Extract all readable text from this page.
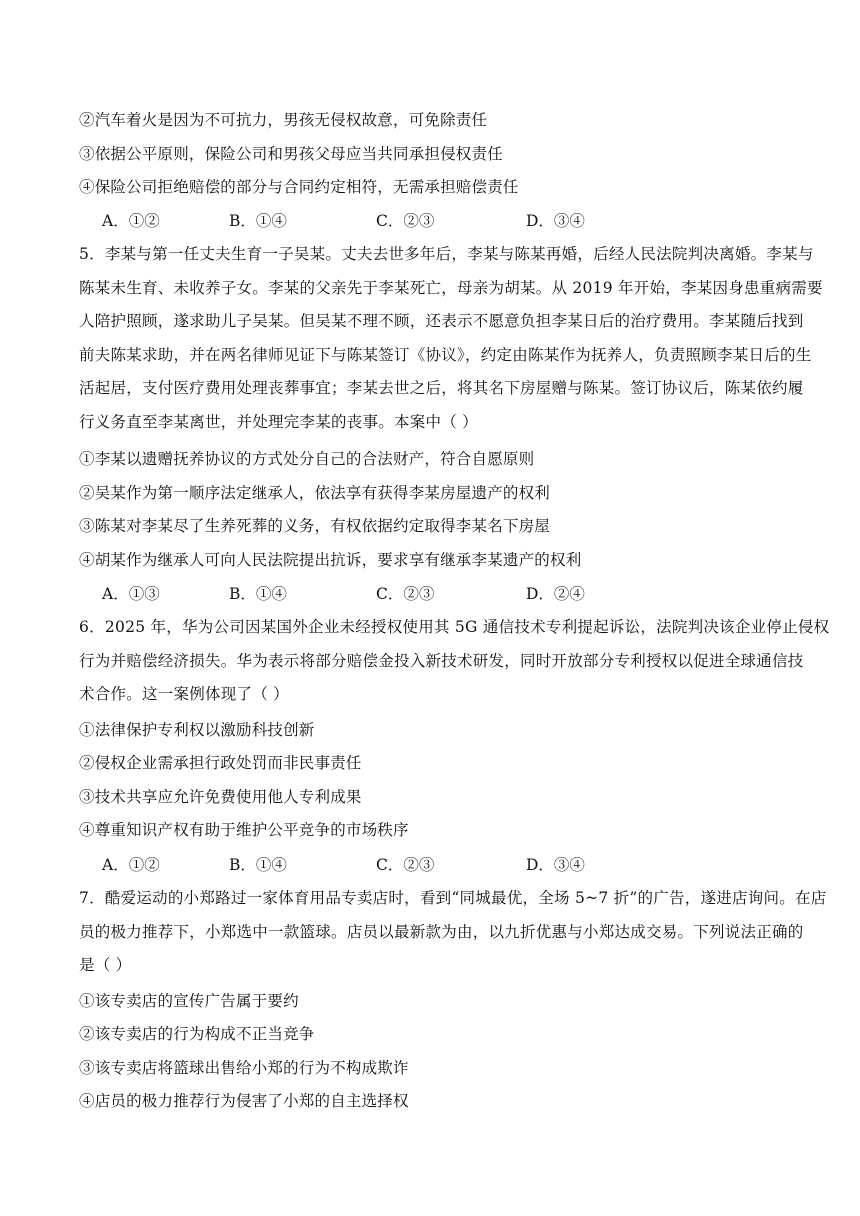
②汽车着火是因为不可抗力，男孩无侵权故意，可免除责任
③依据公平原则，保险公司和男孩父母应当共同承担侵权责任
④保险公司拒绝赔偿的部分与合同约定相符，无需承担赔偿责任
A．①②	B．①④	C．②③	D．③④
5．李某与第一任丈夫生育一子吴某。丈夫去世多年后，李某与陈某再婚，后经人民法院判决离婚。李某与
陈某未生育、未收养子女。李某的父亲先于李某死亡，母亲为胡某。从 2019 年开始，李某因身患重病需要
人陪护照顾，遂求助儿子吴某。但吴某不理不顾，还表示不愿意负担李某日后的治疗费用。李某随后找到
前夫陈某求助，并在两名律师见证下与陈某签订《协议》，约定由陈某作为抚养人，负责照顾李某日后的生
活起居，支付医疗费用处理丧葬事宜；李某去世之后，将其名下房屋赠与陈某。签订协议后，陈某依约履
行义务直至李某离世，并处理完李某的丧事。本案中（ ）
①李某以遗赠抚养协议的方式处分自己的合法财产，符合自愿原则
②吴某作为第一顺序法定继承人，依法享有获得李某房屋遗产的权利
③陈某对李某尽了生养死葬的义务，有权依据约定取得李某名下房屋
④胡某作为继承人可向人民法院提出抗诉，要求享有继承李某遗产的权利
A．①③	B．①④	C．②③	D．②④
6．2025 年，华为公司因某国外企业未经授权使用其 5G 通信技术专利提起诉讼，法院判决该企业停止侵权
行为并赔偿经济损失。华为表示将部分赔偿金投入新技术研发，同时开放部分专利授权以促进全球通信技
术合作。这一案例体现了（ ）
①法律保护专利权以激励科技创新
②侵权企业需承担行政处罚而非民事责任
③技术共享应允许免费使用他人专利成果
④尊重知识产权有助于维护公平竞争的市场秩序
A．①②	B．①④	C．②③	D．③④
7．酷爱运动的小郑路过一家体育用品专卖店时，看到“同城最优，全场 5~7 折”的广告，遂进店询问。在店
员的极力推荐下，小郑选中一款篮球。店员以最新款为由，以九折优惠与小郑达成交易。下列说法正确的
是（ ）
①该专卖店的宣传广告属于要约
②该专卖店的行为构成不正当竞争
③该专卖店将篮球出售给小郑的行为不构成欺诈
④店员的极力推荐行为侵害了小郑的自主选择权
